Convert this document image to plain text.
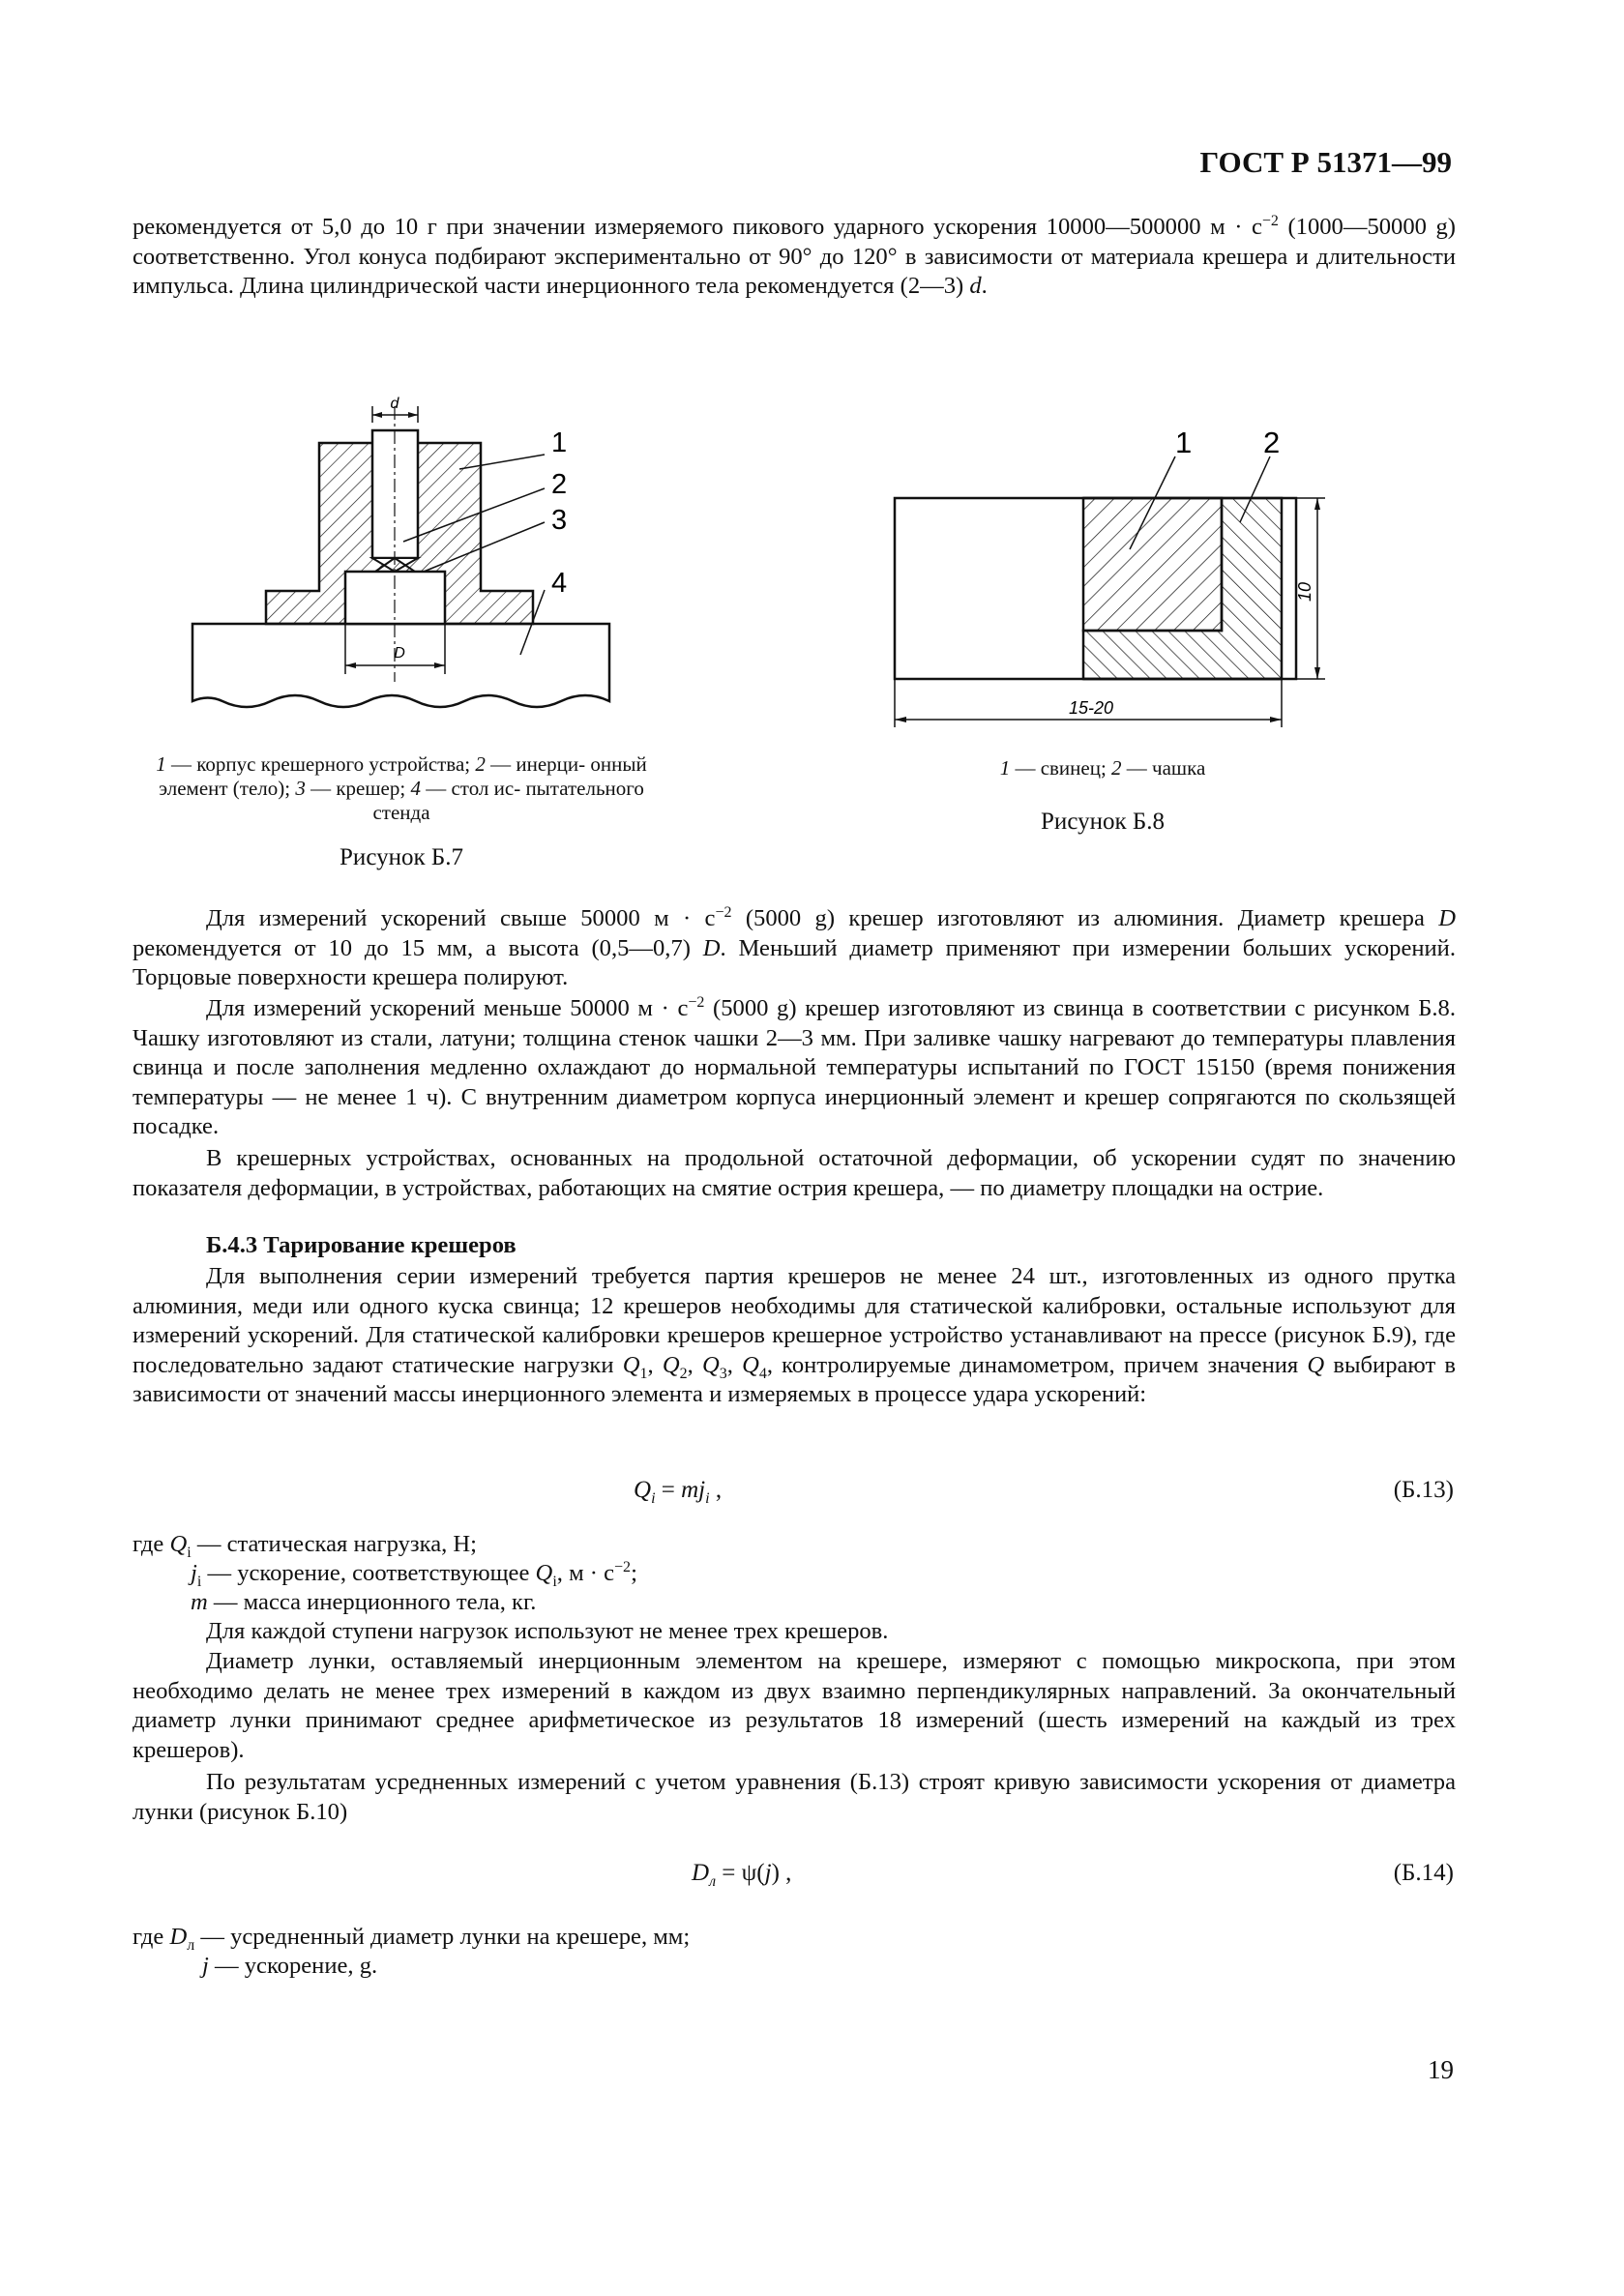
ГОСТ Р 51371—99

рекомендуется от 5,0 до 10 г при значении измеряемого пикового ударного ускорения 10000—500000 $м \cdot с^{-2}$ (1000—50000 g) соответственно. Угол конуса подбирают экспериментально от 90° до 120° в зависимости от материала крешера и длительности импульса. Длина цилиндрической части инерционного тела рекомендуется (2—3) d.

d
D
1
2
3
4

1 — корпус крешерного устройства; 2 — инерци- онный элемент (тело); 3 — крешер; 4 — стол ис- пытательного стенда

Рисунок Б.7
10
15-20
1 2

1 — свинец; 2 — чашка

Рисунок Б.8

Для измерений ускорений свыше 50000 $м \cdot с^{-2}$ (5000 g) крешер изготовляют из алюминия. Диаметр крешера D рекомендуется от 10 до 15 мм, а высота (0,5—0,7) D. Меньший диаметр применяют при измерении больших ускорений. Торцовые поверхности крешера полируют.

Для измерений ускорений меньше 50000 $м \cdot с^{-2}$ (5000 g) крешер изготовляют из свинца в соответствии с рисунком Б.8. Чашку изготовляют из стали, латуни; толщина стенок чашки 2—3 мм. При заливке чашку нагревают до температуры плавления свинца и после заполнения медленно охлаждают до нормальной температуры испытаний по ГОСТ 15150 (время понижения температуры — не менее 1 ч). С внутренним диаметром корпуса инерционный элемент и крешер сопрягаются по скользящей посадке.

В крешерных устройствах, основанных на продольной остаточной деформации, об ускорении судят по значению показателя деформации, в устройствах, работающих на смятие острия крешера, — по диаметру площадки на острие.

Б.4.3 Тарирование крешеров

Для выполнения серии измерений требуется партия крешеров не менее 24 шт., изготовленных из одного прутка алюминия, меди или одного куска свинца; 12 крешеров необходимы для статической калибровки, остальные используют для измерений ускорений. Для статической калибровки крешеров крешерное устройство устанавливают на прессе (рисунок Б.9), где последовательно задают статические нагрузки $Q_1$, $Q_2$, $Q_3$, $Q_4$, контролируемые динамометром, причем значения Q выбирают в зависимости от значений массы инерционного элемента и измеряемых в процессе удара ускорений:

$Q_i = mj_i$ ,	(Б.13)
где $Q_i$ — статическая нагрузка, Н;
$j_i$ — ускорение, соответствующее $Q_i$, $м \cdot с^{-2}$;
m — масса инерционного тела, кг.

Для каждой ступени нагрузок используют не менее трех крешеров.

Диаметр лунки, оставляемый инерционным элементом на крешере, измеряют с помощью микроскопа, при этом необходимо делать не менее трех измерений в каждом из двух взаимно перпендикулярных направлений. За окончательный диаметр лунки принимают среднее арифметическое из результатов 18 измерений (шесть измерений на каждый из трех крешеров).

По результатам усредненных измерений с учетом уравнения (Б.13) строят кривую зависимости ускорения от диаметра лунки (рисунок Б.10)

$D_л = \psi(j)$ ,	(Б.14)
где $D_л$ — усредненный диаметр лунки на крешере, мм;
j — ускорение, g.
19
